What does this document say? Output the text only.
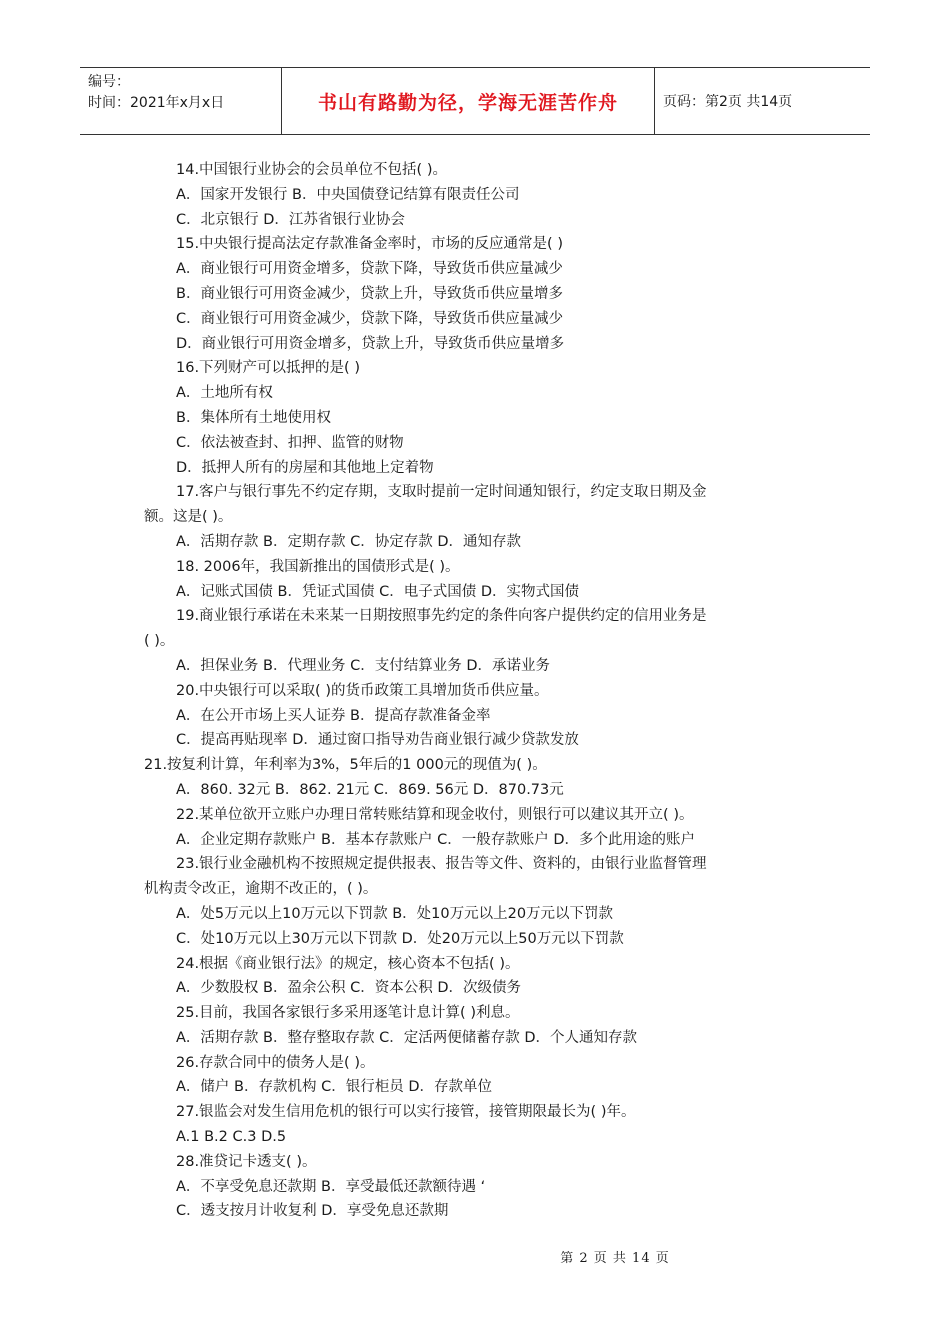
编号：
时间：2021年x月x日	书山有路勤为径，学海无涯苦作舟	页码：第2页 共14页
14.中国银行业协会的会员单位不包括( )。
A．国家开发银行 B．中央国债登记结算有限责任公司
C．北京银行 D．江苏省银行业协会
15.中央银行提高法定存款准备金率时，市场的反应通常是( )
A．商业银行可用资金增多，贷款下降，导致货币供应量减少
B．商业银行可用资金减少，贷款上升，导致货币供应量增多
C．商业银行可用资金减少，贷款下降，导致货币供应量减少
D．商业银行可用资金增多，贷款上升，导致货币供应量增多
16.下列财产可以抵押的是( )
A．土地所有权
B．集体所有土地使用权
C．依法被查封、扣押、监管的财物
D．抵押人所有的房屋和其他地上定着物
17.客户与银行事先不约定存期，支取时提前一定时间通知银行，约定支取日期及金
额。这是( )。
A．活期存款 B．定期存款 C．协定存款 D．通知存款
18. 2006年，我国新推出的国债形式是( )。
A．记账式国债 B．凭证式国债 C．电子式国债 D．实物式国债
19.商业银行承诺在未来某一日期按照事先约定的条件向客户提供约定的信用业务是
( )。
A．担保业务 B．代理业务 C．支付结算业务 D．承诺业务
20.中央银行可以采取( )的货币政策工具增加货币供应量。
A．在公开市场上买人证券 B．提高存款准备金率
C．提高再贴现率 D．通过窗口指导劝告商业银行减少贷款发放
21.按复利计算，年利率为3%，5年后的1 000元的现值为( )。
A．860. 32元 B．862. 21元 C．869. 56元 D．870.73元
22.某单位欲开立账户办理日常转账结算和现金收付，则银行可以建议其开立( )。
A．企业定期存款账户 B．基本存款账户 C．一般存款账户 D．多个此用途的账户
23.银行业金融机构不按照规定提供报表、报告等文件、资料的，由银行业监督管理
机构责令改正，逾期不改正的，( )。
A．处5万元以上10万元以下罚款 B．处10万元以上20万元以下罚款
C．处10万元以上30万元以下罚款 D．处20万元以上50万元以下罚款
24.根据《商业银行法》的规定，核心资本不包括( )。
A．少数股权 B．盈余公积 C．资本公积 D．次级债务
25.目前，我国各家银行多采用逐笔计息计算( )利息。
A．活期存款 B．整存整取存款 C．定活两便储蓄存款 D．个人通知存款
26.存款合同中的债务人是( )。
A．储户 B．存款机构 C．银行柜员 D．存款单位
27.银监会对发生信用危机的银行可以实行接管，接管期限最长为( )年。
A.1 B.2 C.3 D.5
28.准贷记卡透支( )。
A．不享受免息还款期 B．享受最低还款额待遇 ‘
C．透支按月计收复利 D．享受免息还款期
第 2 页 共 14 页
